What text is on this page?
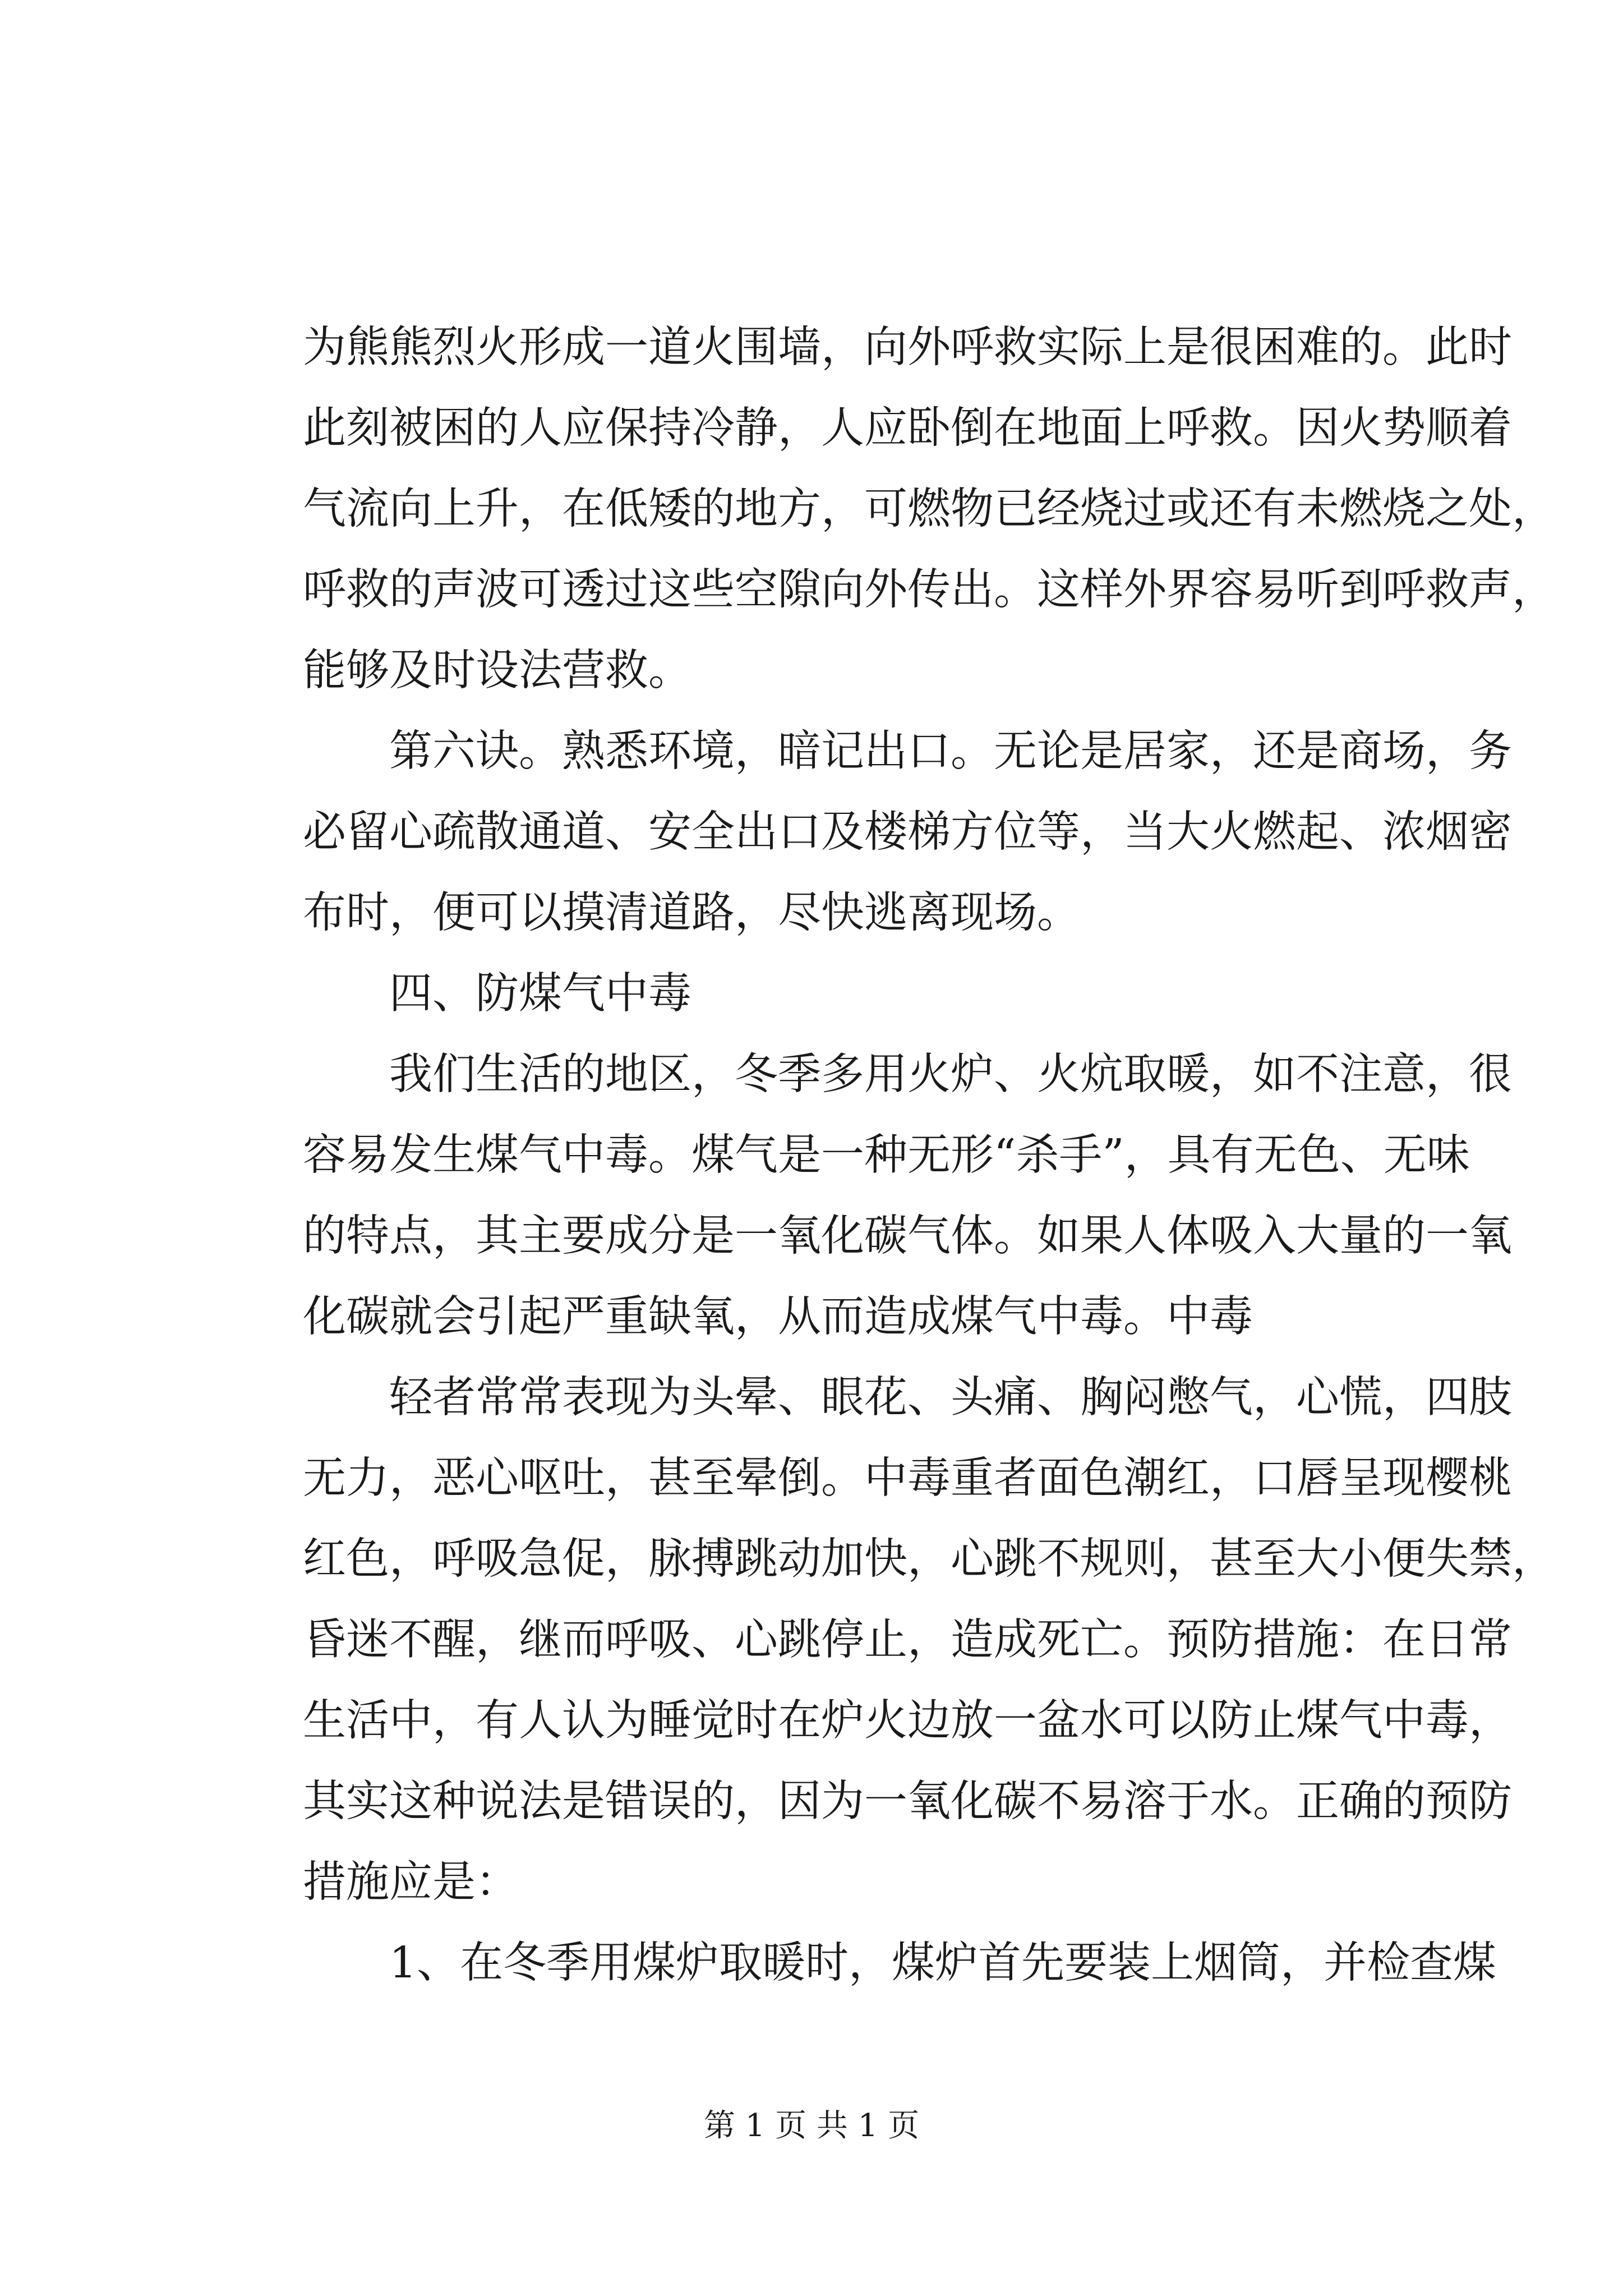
为熊熊烈火形成一道火围墙，向外呼救实际上是很困难的。此时
此刻被困的人应保持冷静，人应卧倒在地面上呼救。因火势顺着
气流向上升，在低矮的地方，可燃物已经烧过或还有未燃烧之处，
呼救的声波可透过这些空隙向外传出。这样外界容易听到呼救声，
能够及时设法营救。
第六诀。熟悉环境，暗记出口。无论是居家，还是商场，务
必留心疏散通道、安全出口及楼梯方位等，当大火燃起、浓烟密
布时，便可以摸清道路，尽快逃离现场。
四、防煤气中毒
我们生活的地区，冬季多用火炉、火炕取暖，如不注意，很
容易发生煤气中毒。煤气是一种无形“杀手”，具有无色、无味
的特点，其主要成分是一氧化碳气体。如果人体吸入大量的一氧
化碳就会引起严重缺氧，从而造成煤气中毒。中毒
轻者常常表现为头晕、眼花、头痛、胸闷憋气，心慌，四肢
无力，恶心呕吐，甚至晕倒。中毒重者面色潮红，口唇呈现樱桃
红色，呼吸急促，脉搏跳动加快，心跳不规则，甚至大小便失禁，
昏迷不醒，继而呼吸、心跳停止，造成死亡。预防措施：在日常
生活中，有人认为睡觉时在炉火边放一盆水可以防止煤气中毒，
其实这种说法是错误的，因为一氧化碳不易溶于水。正确的预防
措施应是：
1、在冬季用煤炉取暖时，煤炉首先要装上烟筒，并检查煤
第 1 页 共 1 页
